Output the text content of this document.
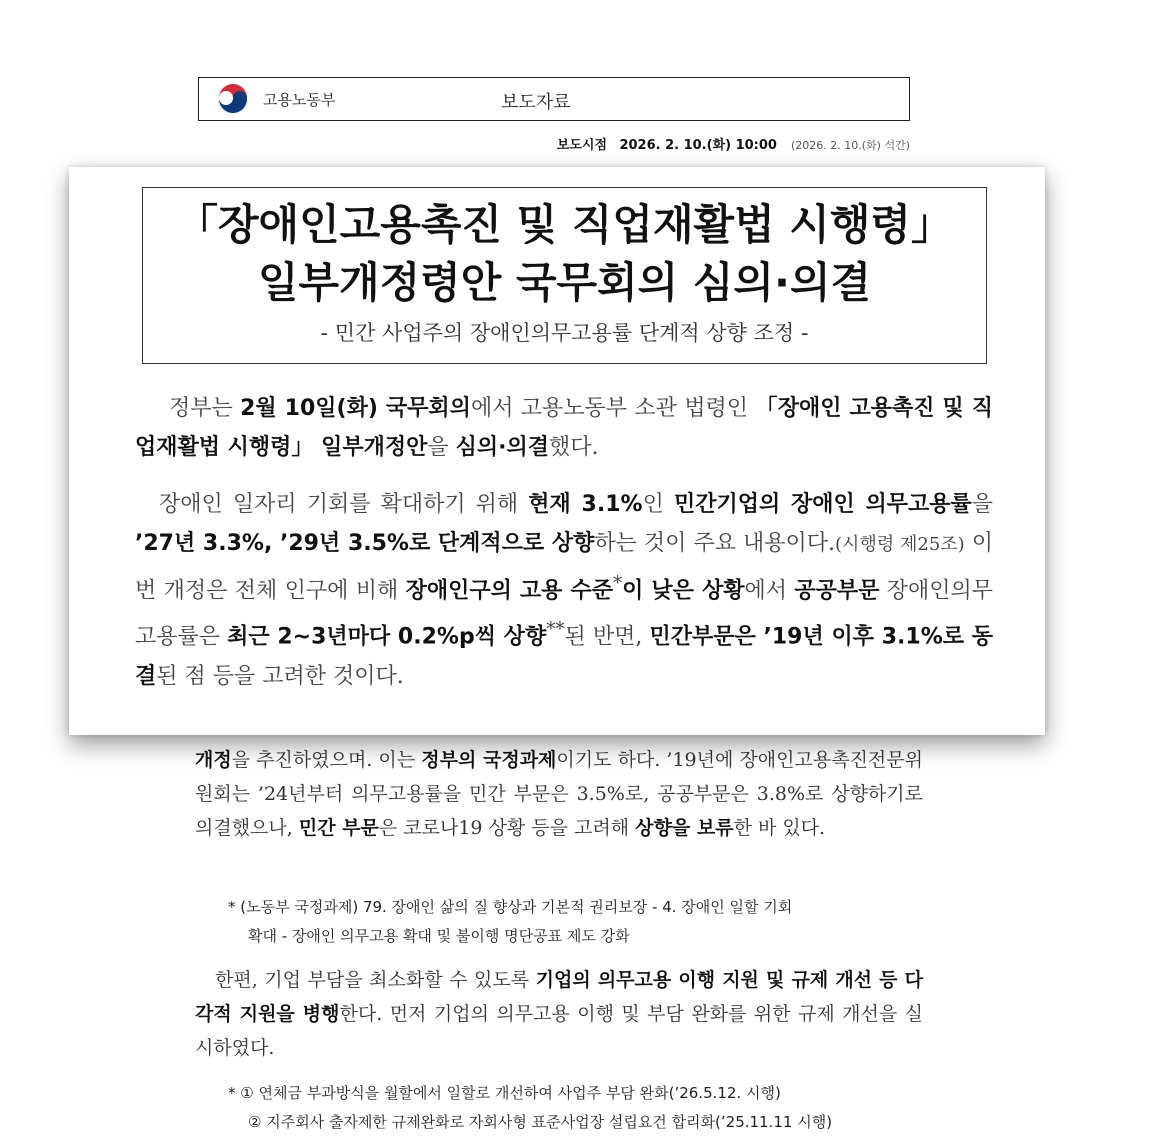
고용노동부	보도자료
보도시점 2026. 2. 10.(화) 10:00 (2026. 2. 10.(화) 석간)
개정을 추진하였으며. 이는 정부의 국정과제이기도 하다. ’19년에 장애인고용촉진전문위원회는 ’24년부터 의무고용률을 민간 부문은 3.5%로, 공공부문은 3.8%로 상향하기로 의결했으나, 민간 부문은 코로나19 상황 등을 고려해 상향을 보류한 바 있다.
* (노동부 국정과제) 79. 장애인 삶의 질 향상과 기본적 권리보장 - 4. 장애인 일할 기회
확대 - 장애인 의무고용 확대 및 불이행 명단공표 제도 강화
한편, 기업 부담을 최소화할 수 있도록 기업의 의무고용 이행 지원 및 규제 개선 등 다각적 지원을 병행한다. 먼저 기업의 의무고용 이행 및 부담 완화를 위한 규제 개선을 실시하였다.
* ① 연체금 부과방식을 월할에서 일할로 개선하여 사업주 부담 완화(’26.5.12. 시행)
② 지주회사 출자제한 규제완화로 자회사형 표준사업장 설립요건 합리화(’25.11.11 시행)
「장애인고용촉진 및 직업재활법 시행령」
일부개정령안 국무회의 심의·의결
- 민간 사업주의 장애인의무고용률 단계적 상향 조정 -
정부는 2월 10일(화) 국무회의에서 고용노동부 소관 법령인 「장애인 고용촉진 및 직업재활법 시행령」 일부개정안을 심의·의결했다.
장애인 일자리 기회를 확대하기 위해 현재 3.1%인 민간기업의 장애인 의무고용률을 ’27년 3.3%, ’29년 3.5%로 단계적으로 상향하는 것이 주요 내용이다.(시행령 제25조) 이번 개정은 전체 인구에 비해 장애인구의 고용 수준*이 낮은 상황에서 공공부문 장애인의무고용률은 최근 2~3년마다 0.2%p씩 상향**된 반면, 민간부문은 ’19년 이후 3.1%로 동결된 점 등을 고려한 것이다.
